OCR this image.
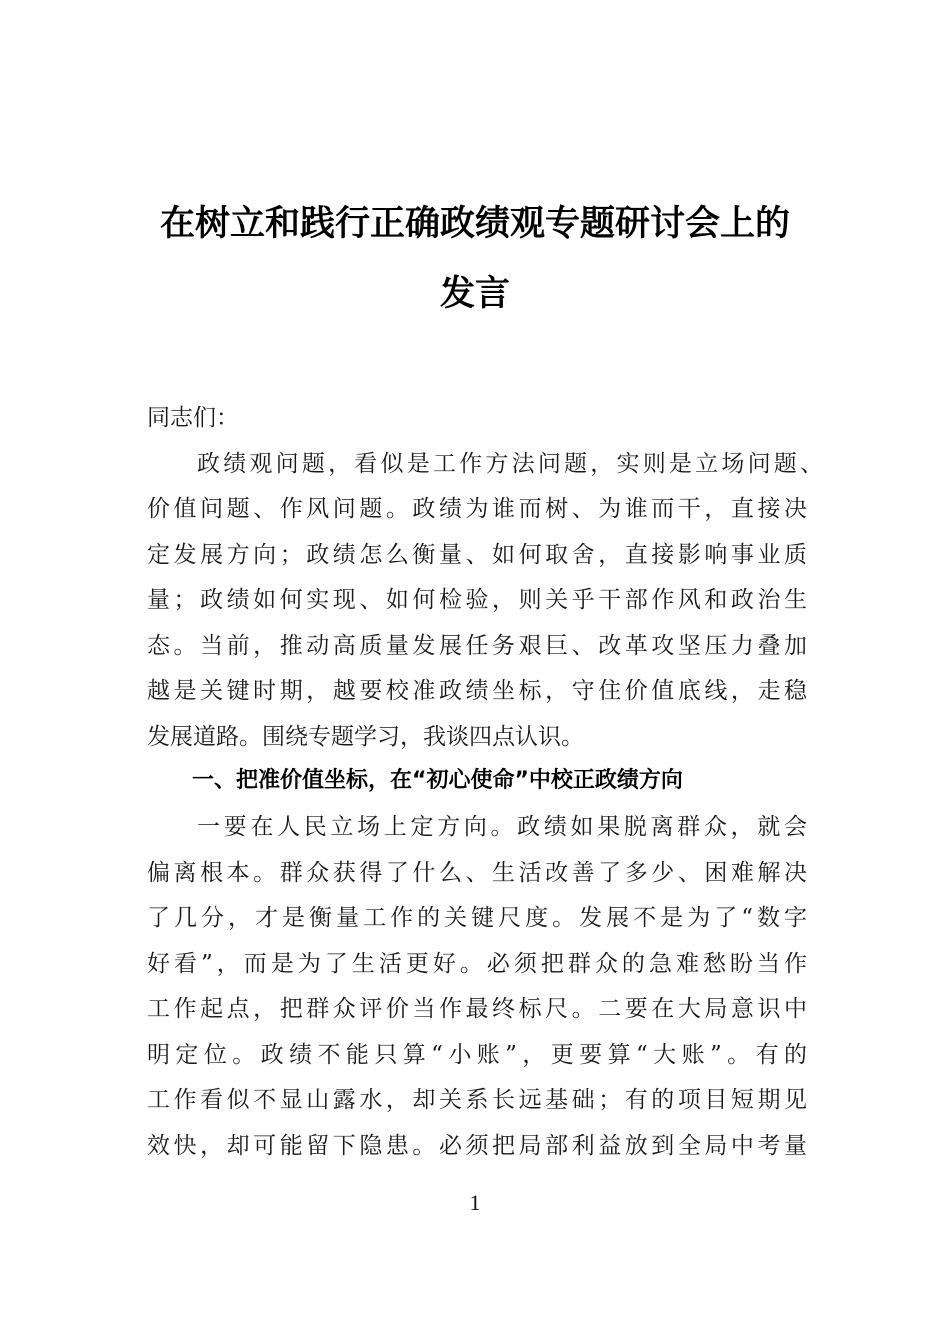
在树立和践行正确政绩观专题研讨会上的
发言
同志们：
政绩观问题，看似是工作方法问题，实则是立场问题、
价值问题、作风问题。政绩为谁而树、为谁而干，直接决
定发展方向；政绩怎么衡量、如何取舍，直接影响事业质
量；政绩如何实现、如何检验，则关乎干部作风和政治生
态。当前，推动高质量发展任务艰巨、改革攻坚压力叠加
越是关键时期，越要校准政绩坐标，守住价值底线，走稳
发展道路。围绕专题学习，我谈四点认识。
一、把准价值坐标，在“初心使命”中校正政绩方向
一要在人民立场上定方向。政绩如果脱离群众，就会
偏离根本。群众获得了什么、生活改善了多少、困难解决
了几分，才是衡量工作的关键尺度。发展不是为了“数字
好看”，而是为了生活更好。必须把群众的急难愁盼当作
工作起点，把群众评价当作最终标尺。二要在大局意识中
明定位。政绩不能只算“小账”，更要算“大账”。有的
工作看似不显山露水，却关系长远基础；有的项目短期见
效快，却可能留下隐患。必须把局部利益放到全局中考量
1
